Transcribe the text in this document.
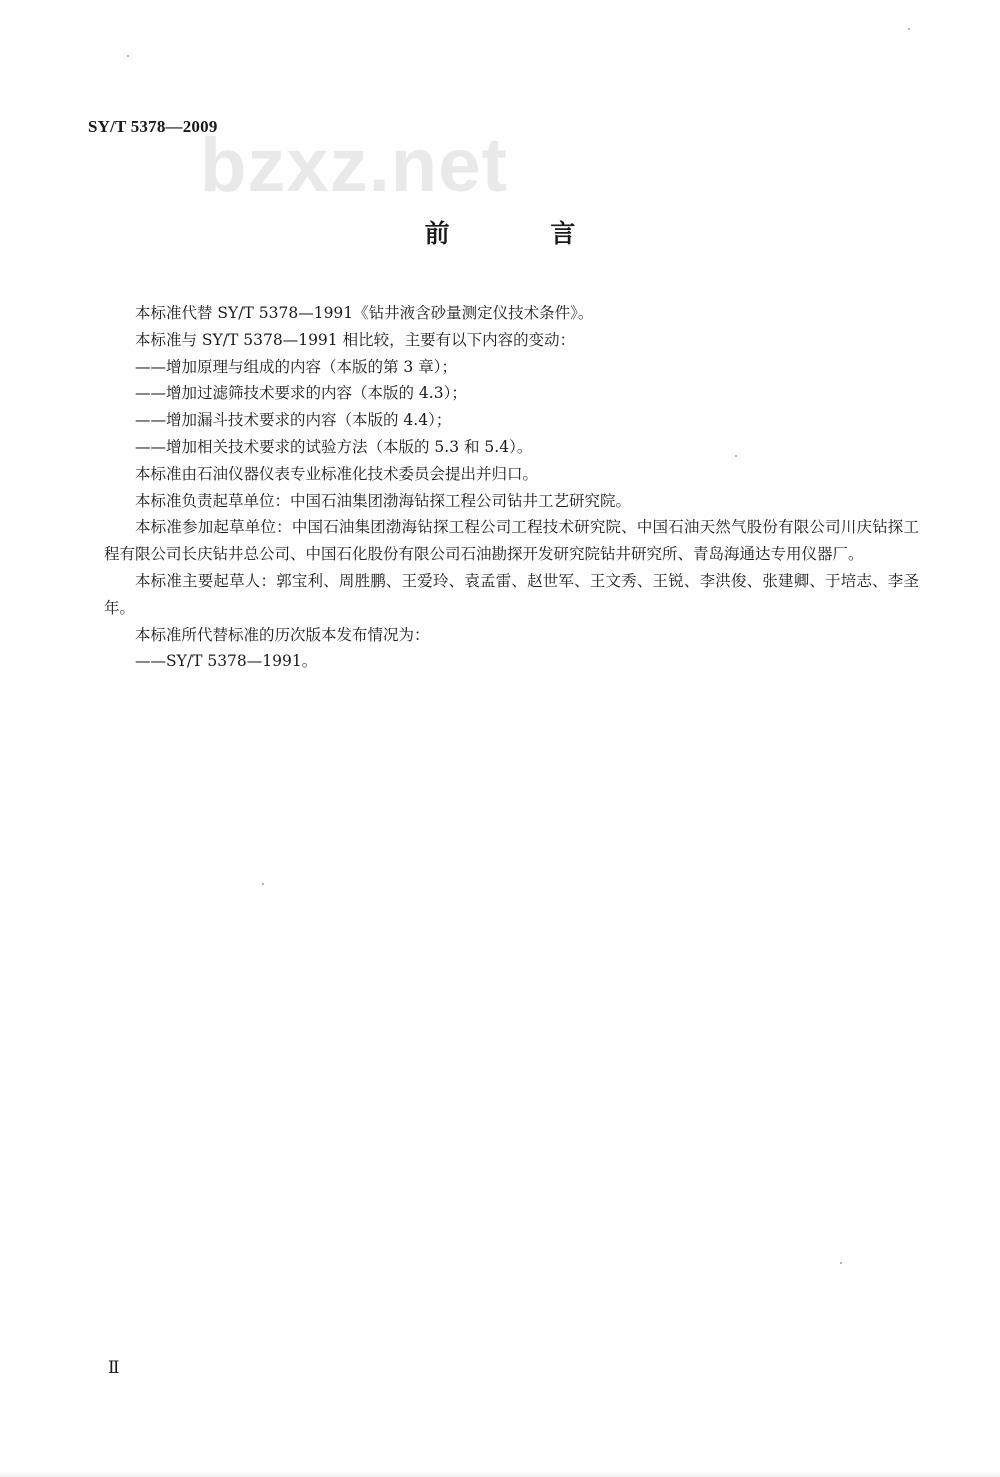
SY/T 5378—2009
bzxz.net
前 言

本标准代替 SY/T 5378—1991《钻井液含砂量测定仪技术条件》。

本标准与 SY/T 5378—1991 相比较，主要有以下内容的变动：

——增加原理与组成的内容（本版的第 3 章）；

——增加过滤筛技术要求的内容（本版的 4.3）；

——增加漏斗技术要求的内容（本版的 4.4）；

——增加相关技术要求的试验方法（本版的 5.3 和 5.4）。

本标准由石油仪器仪表专业标准化技术委员会提出并归口。

本标准负责起草单位：中国石油集团渤海钻探工程公司钻井工艺研究院。

本标准参加起草单位：中国石油集团渤海钻探工程公司工程技术研究院、中国石油天然气股份有限公司川庆钻探工程有限公司长庆钻井总公司、中国石化股份有限公司石油勘探开发研究院钻井研究所、青岛海通达专用仪器厂。

本标准主要起草人：郭宝利、周胜鹏、王爱玲、袁孟雷、赵世军、王文秀、王锐、李洪俊、张建卿、于培志、李圣年。

本标准所代替标准的历次版本发布情况为：

——SY/T 5378—1991。

Ⅱ
